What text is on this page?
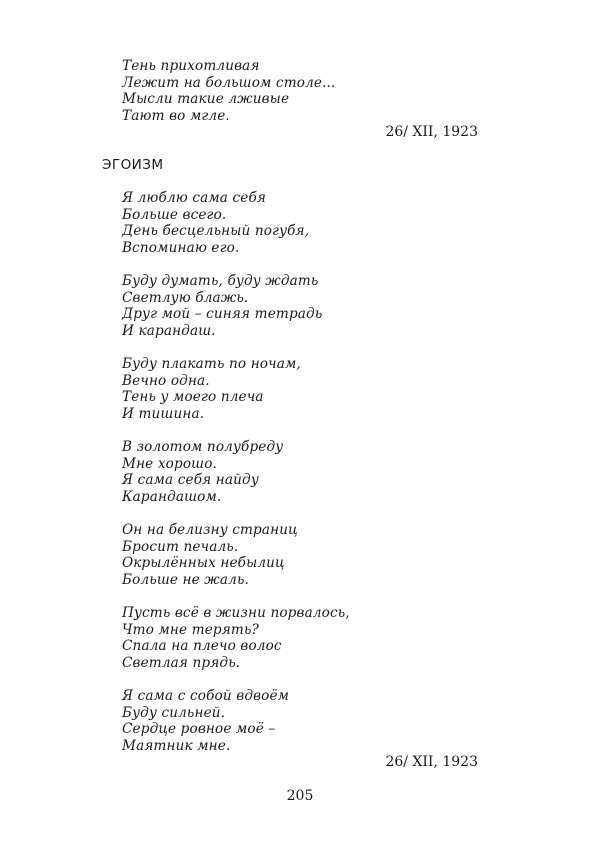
Тень прихотливая
Лежит на большом столе...
Мысли такие лживые
Тают во мгле.
26/ XII, 1923
ЭГОИЗМ
Я люблю сама себя
Больше всего.
День бесцельный погубя,
Вспоминаю его.
Буду думать, буду ждать
Светлую блажь.
Друг мой – синяя тетрадь
И карандаш.
Буду плакать по ночам,
Вечно одна.
Тень у моего плеча
И тишина.
В золотом полубреду
Мне хорошо.
Я сама себя найду
Карандашом.
Он на белизну страниц
Бросит печаль.
Окрылённых небылиц
Больше не жаль.
Пусть всё в жизни порвалось,
Что мне терять?
Спала на плечо волос
Светлая прядь.
Я сама с собой вдвоём
Буду сильней.
Сердце ровное моё –
Маятник мне.
26/ XII, 1923
205
